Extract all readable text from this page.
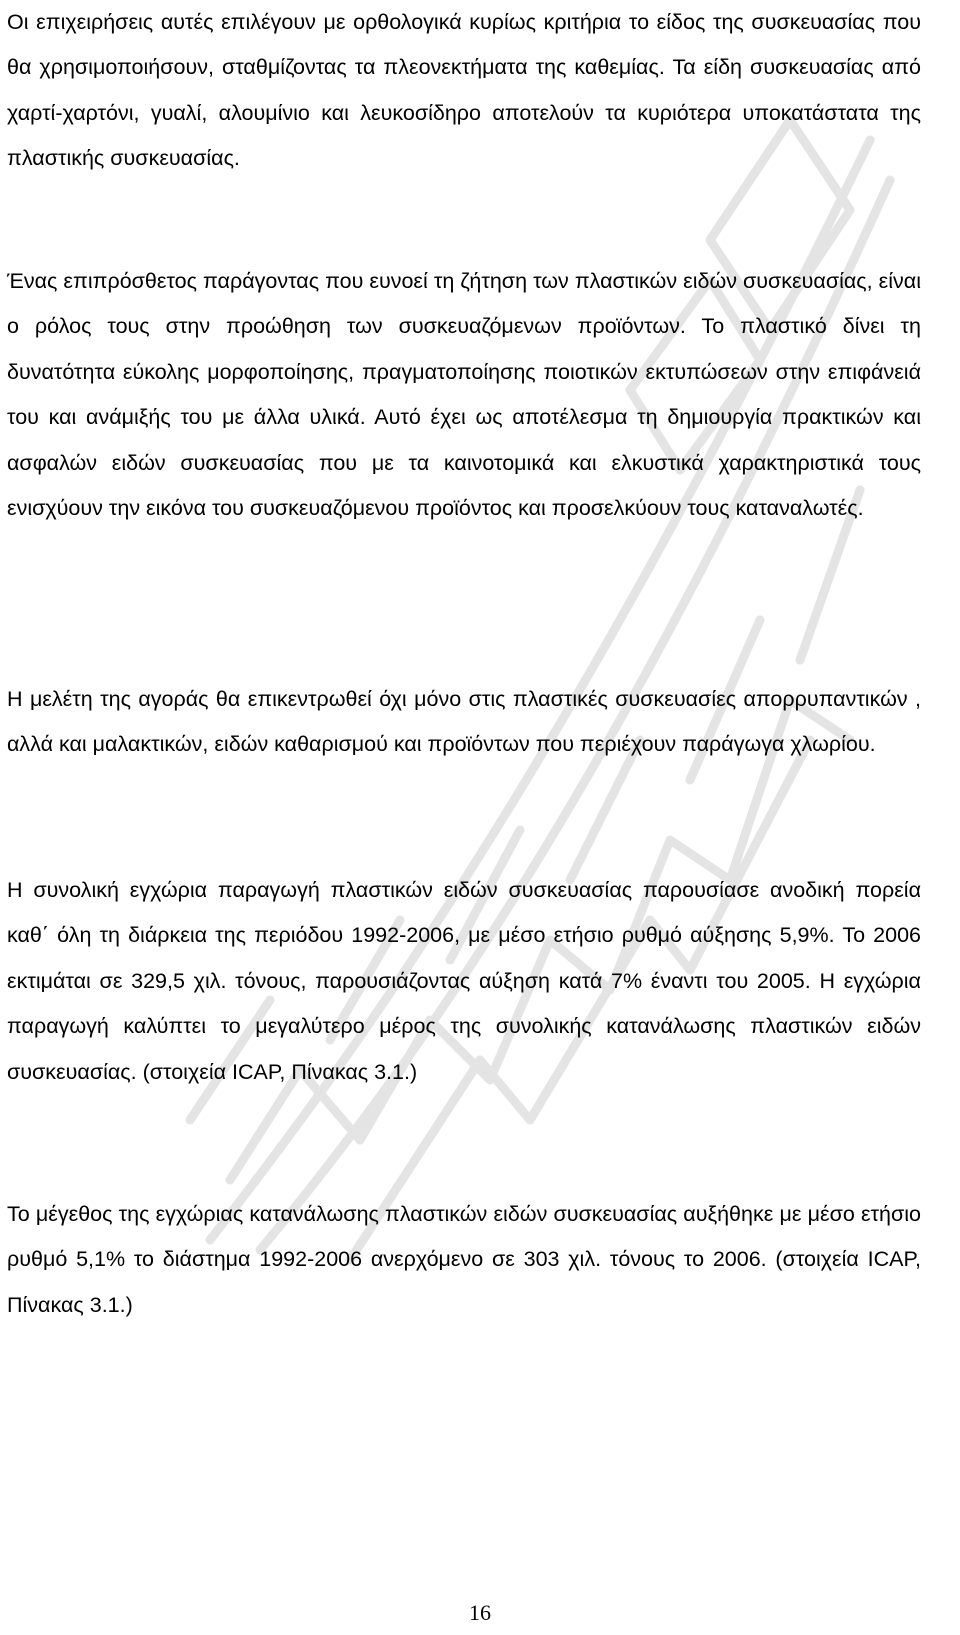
Οι επιχειρήσεις αυτές επιλέγουν με ορθολογικά κυρίως κριτήρια το είδος της συσκευασίας που θα χρησιμοποιήσουν, σταθμίζοντας τα πλεονεκτήματα της καθεμίας. Τα είδη συσκευασίας από χαρτί-χαρτόνι, γυαλί, αλουμίνιο και λευκοσίδηρο αποτελούν τα κυριότερα υποκατάστατα της πλαστικής συσκευασίας.

Ένας επιπρόσθετος παράγοντας που ευνοεί τη ζήτηση των πλαστικών ειδών συσκευασίας, είναι ο ρόλος τους στην προώθηση των συσκευαζόμενων προϊόντων. Το πλαστικό δίνει τη δυνατότητα εύκολης μορφοποίησης, πραγματοποίησης ποιοτικών εκτυπώσεων στην επιφάνειά του και ανάμιξής του με άλλα υλικά. Αυτό έχει ως αποτέλεσμα τη δημιουργία πρακτικών και ασφαλών ειδών συσκευασίας που με τα καινοτομικά και ελκυστικά χαρακτηριστικά τους ενισχύουν την εικόνα του συσκευαζόμενου προϊόντος και προσελκύουν τους καταναλωτές.

Η μελέτη της αγοράς θα επικεντρωθεί όχι μόνο στις πλαστικές συσκευασίες απορρυπαντικών , αλλά και μαλακτικών, ειδών καθαρισμού και προϊόντων που περιέχουν παράγωγα χλωρίου.

Η συνολική εγχώρια παραγωγή πλαστικών ειδών συσκευασίας παρουσίασε ανοδική πορεία καθ΄ όλη τη διάρκεια της περιόδου 1992-2006, με μέσο ετήσιο ρυθμό αύξησης 5,9%. Το 2006 εκτιμάται σε 329,5 χιλ. τόνους, παρουσιάζοντας αύξηση κατά 7% έναντι του 2005. Η εγχώρια παραγωγή καλύπτει το μεγαλύτερο μέρος της συνολικής κατανάλωσης πλαστικών ειδών συσκευασίας. (στοιχεία ICAP, Πίνακας 3.1.)

Το μέγεθος της εγχώριας κατανάλωσης πλαστικών ειδών συσκευασίας αυξήθηκε με μέσο ετήσιο ρυθμό 5,1% το διάστημα 1992-2006 ανερχόμενο σε 303 χιλ. τόνους το 2006. (στοιχεία ICAP, Πίνακας 3.1.)

16
